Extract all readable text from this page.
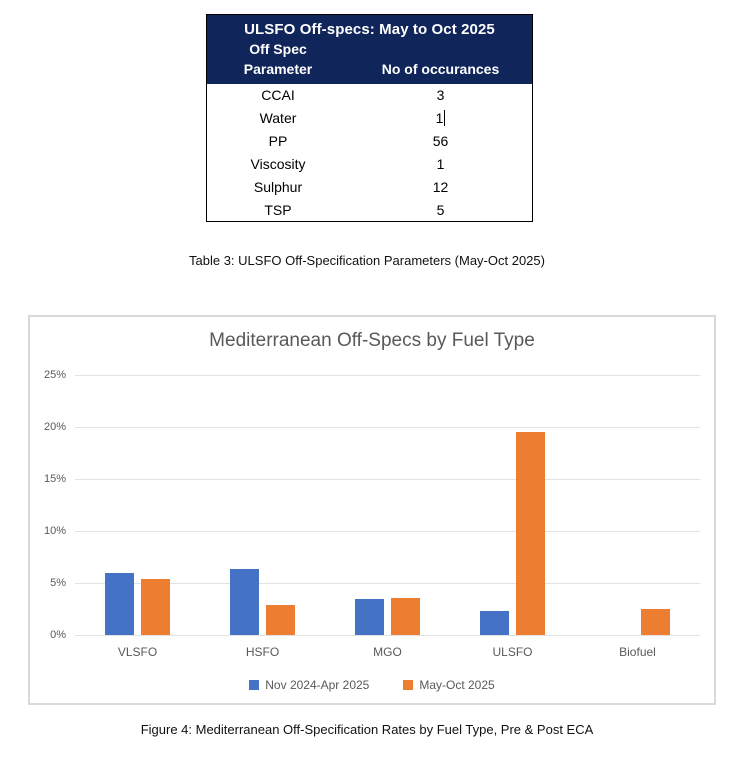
ULSFO Off-specs: May to Oct 2025
Off Spec
Parameter	No of occurances
CCAI	3
Water	1
PP	56
Viscosity	1
Sulphur	12
TSP	5
Table 3: ULSFO Off-Specification Parameters (May-Oct 2025)
Mediterranean Off-Specs by Fuel Type
0%
5%
10%
15%
20%
25%
VLSFO	HSFO	MGO	ULSFO	Biofuel
Nov 2024-Apr 2025	May-Oct 2025
Figure 4: Mediterranean Off-Specification Rates by Fuel Type, Pre & Post ECA
